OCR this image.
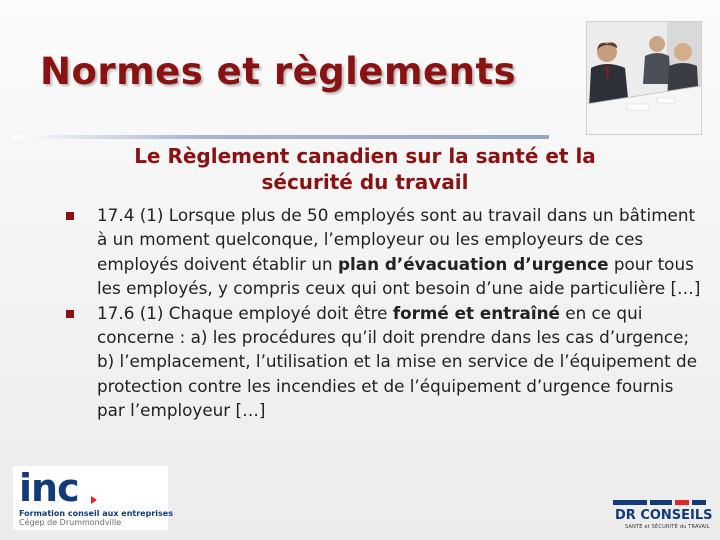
Normes et règlements
Le Règlement canadien sur la santé et la sécurité du travail
17.4 (1) Lorsque plus de 50 employés sont au travail dans un bâtiment à un moment quelconque, l’employeur ou les employeurs de ces employés doivent établir un plan d’évacuation d’urgence pour tous les employés, y compris ceux qui ont besoin d’une aide particulière […]
17.6 (1) Chaque employé doit être formé et entraîné en ce qui concerne : a) les procédures qu’il doit prendre dans les cas d’urgence; b) l’emplacement, l’utilisation et la mise en service de l’équipement de protection contre les incendies et de l’équipement d’urgence fournis par l’employeur […]
inc
Formation conseil aux entreprises
Cégep de Drummondville	DR CONSEILS
SANTÉ et SÉCURITÉ du TRAVAIL
